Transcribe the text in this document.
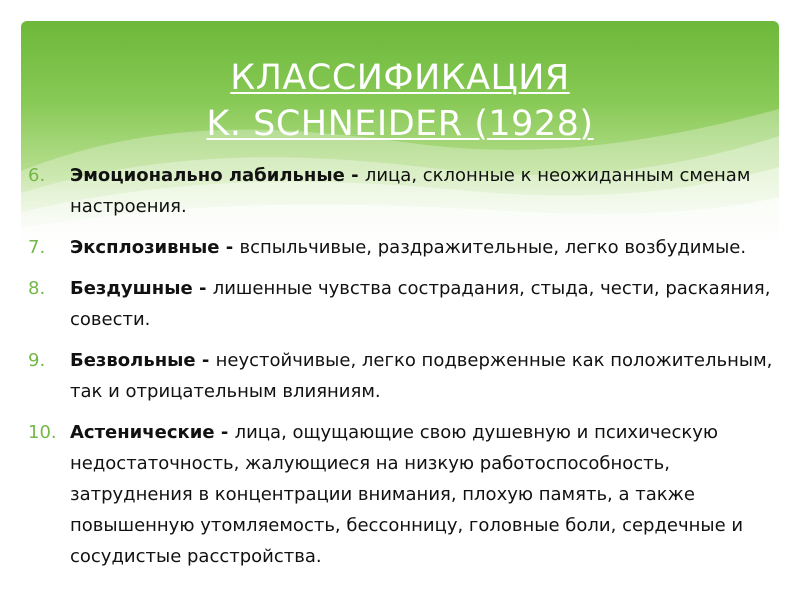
КЛАССИФИКАЦИЯ
K. SCHNEIDER (1928)
6.	Эмоционально лабильные - лица, склонные к неожиданным сменам настроения.
7.	Эксплозивные - вспыльчивые, раздражительные, легко возбудимые.
8.	Бездушные - лишенные чувства сострадания, стыда, чести, раскаяния, совести.
9.	Безвольные - неустойчивые, легко подверженные как положительным, так и отрицательным влияниям.
10. Астенические - лица, ощущающие свою душевную и психическую недостаточность, жалующиеся на низкую работоспособность, затруднения в концентрации внимания, плохую память, а также повышенную утомляемость, бессонницу, головные боли, сердечные и сосудистые расстройства.
